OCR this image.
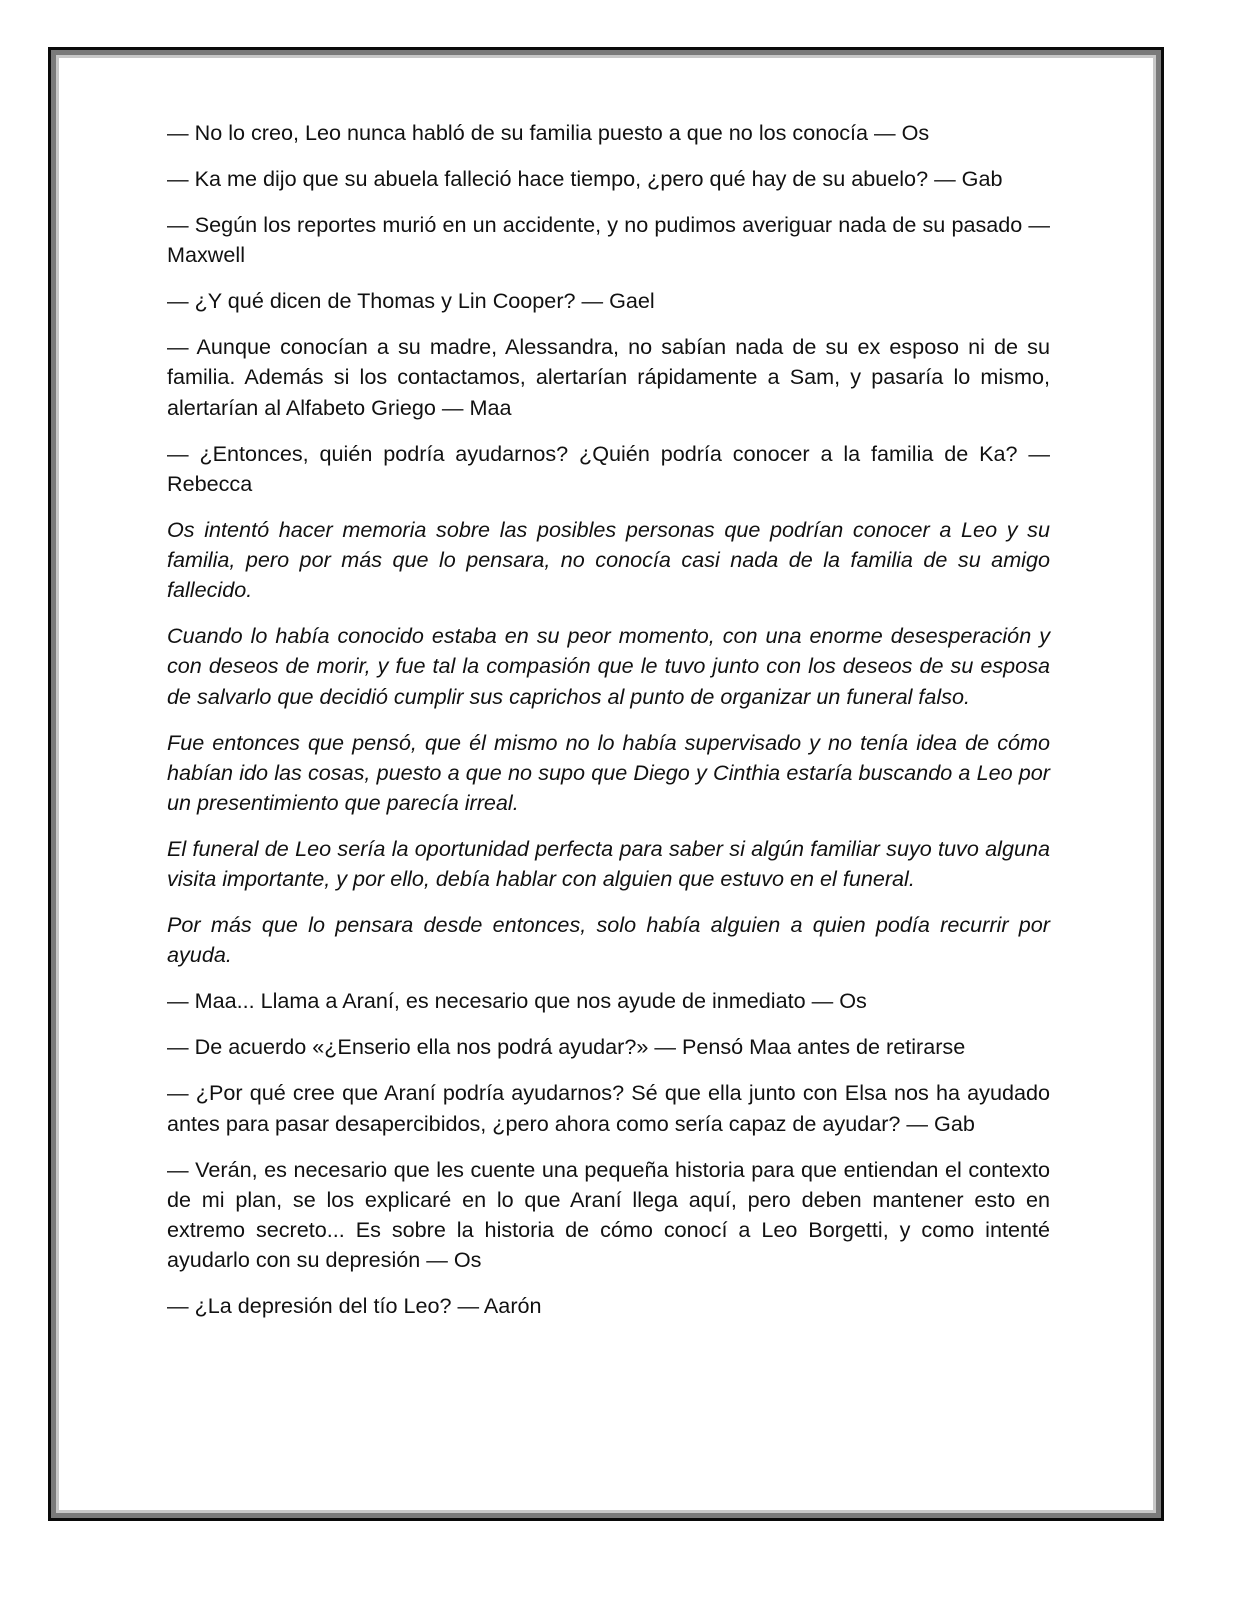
— No lo creo, Leo nunca habló de su familia puesto a que no los conocía — Os

— Ka me dijo que su abuela falleció hace tiempo, ¿pero qué hay de su abuelo? — Gab

— Según los reportes murió en un accidente, y no pudimos averiguar nada de su pasado — Maxwell

— ¿Y qué dicen de Thomas y Lin Cooper? — Gael

— Aunque conocían a su madre, Alessandra, no sabían nada de su ex esposo ni de su familia. Además si los contactamos, alertarían rápidamente a Sam, y pasaría lo mismo, alertarían al Alfabeto Griego — Maa

— ¿Entonces, quién podría ayudarnos? ¿Quién podría conocer a la familia de Ka? — Rebecca

Os intentó hacer memoria sobre las posibles personas que podrían conocer a Leo y su familia, pero por más que lo pensara, no conocía casi nada de la familia de su amigo fallecido.

Cuando lo había conocido estaba en su peor momento, con una enorme desesperación y con deseos de morir, y fue tal la compasión que le tuvo junto con los deseos de su esposa de salvarlo que decidió cumplir sus caprichos al punto de organizar un funeral falso.

Fue entonces que pensó, que él mismo no lo había supervisado y no tenía idea de cómo habían ido las cosas, puesto a que no supo que Diego y Cinthia estaría buscando a Leo por un presentimiento que parecía irreal.

El funeral de Leo sería la oportunidad perfecta para saber si algún familiar suyo tuvo alguna visita importante, y por ello, debía hablar con alguien que estuvo en el funeral.

Por más que lo pensara desde entonces, solo había alguien a quien podía recurrir por ayuda.

— Maa... Llama a Araní, es necesario que nos ayude de inmediato — Os

— De acuerdo «¿Enserio ella nos podrá ayudar?» — Pensó Maa antes de retirarse

— ¿Por qué cree que Araní podría ayudarnos? Sé que ella junto con Elsa nos ha ayudado antes para pasar desapercibidos, ¿pero ahora como sería capaz de ayudar? — Gab

— Verán, es necesario que les cuente una pequeña historia para que entiendan el contexto de mi plan, se los explicaré en lo que Araní llega aquí, pero deben mantener esto en extremo secreto... Es sobre la historia de cómo conocí a Leo Borgetti, y como intenté ayudarlo con su depresión — Os

— ¿La depresión del tío Leo? — Aarón
